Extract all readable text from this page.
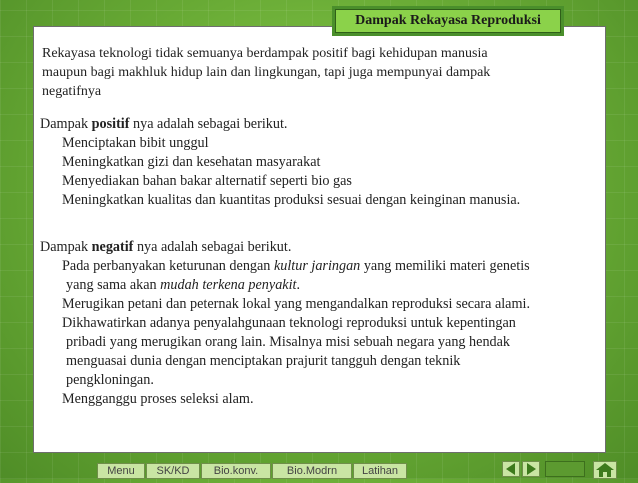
Dampak Rekayasa Reproduksi
Rekayasa teknologi tidak semuanya berdampak positif bagi kehidupan manusia
maupun bagi makhluk hidup lain dan lingkungan, tapi juga mempunyai dampak
negatifnya

Dampak positif nya adalah sebagai berikut.

Menciptakan bibit unggul

Meningkatkan gizi dan kesehatan masyarakat

Menyediakan bahan bakar alternatif seperti bio gas

Meningkatkan kualitas dan kuantitas produksi sesuai dengan keinginan manusia.

Dampak negatif nya adalah sebagai berikut.

Pada perbanyakan keturunan dengan kultur jaringan yang memiliki materi genetis

yang sama akan mudah terkena penyakit.

Merugikan petani dan peternak lokal yang mengandalkan reproduksi secara alami.

Dikhawatirkan adanya penyalahgunaan teknologi reproduksi untuk kepentingan

pribadi yang merugikan orang lain. Misalnya misi sebuah negara yang hendak

menguasai dunia dengan menciptakan prajurit tangguh dengan teknik

pengkloningan.

Mengganggu proses seleksi alam.

Menu	SK/KD	Bio.konv.	Bio.Modrn	Latihan
